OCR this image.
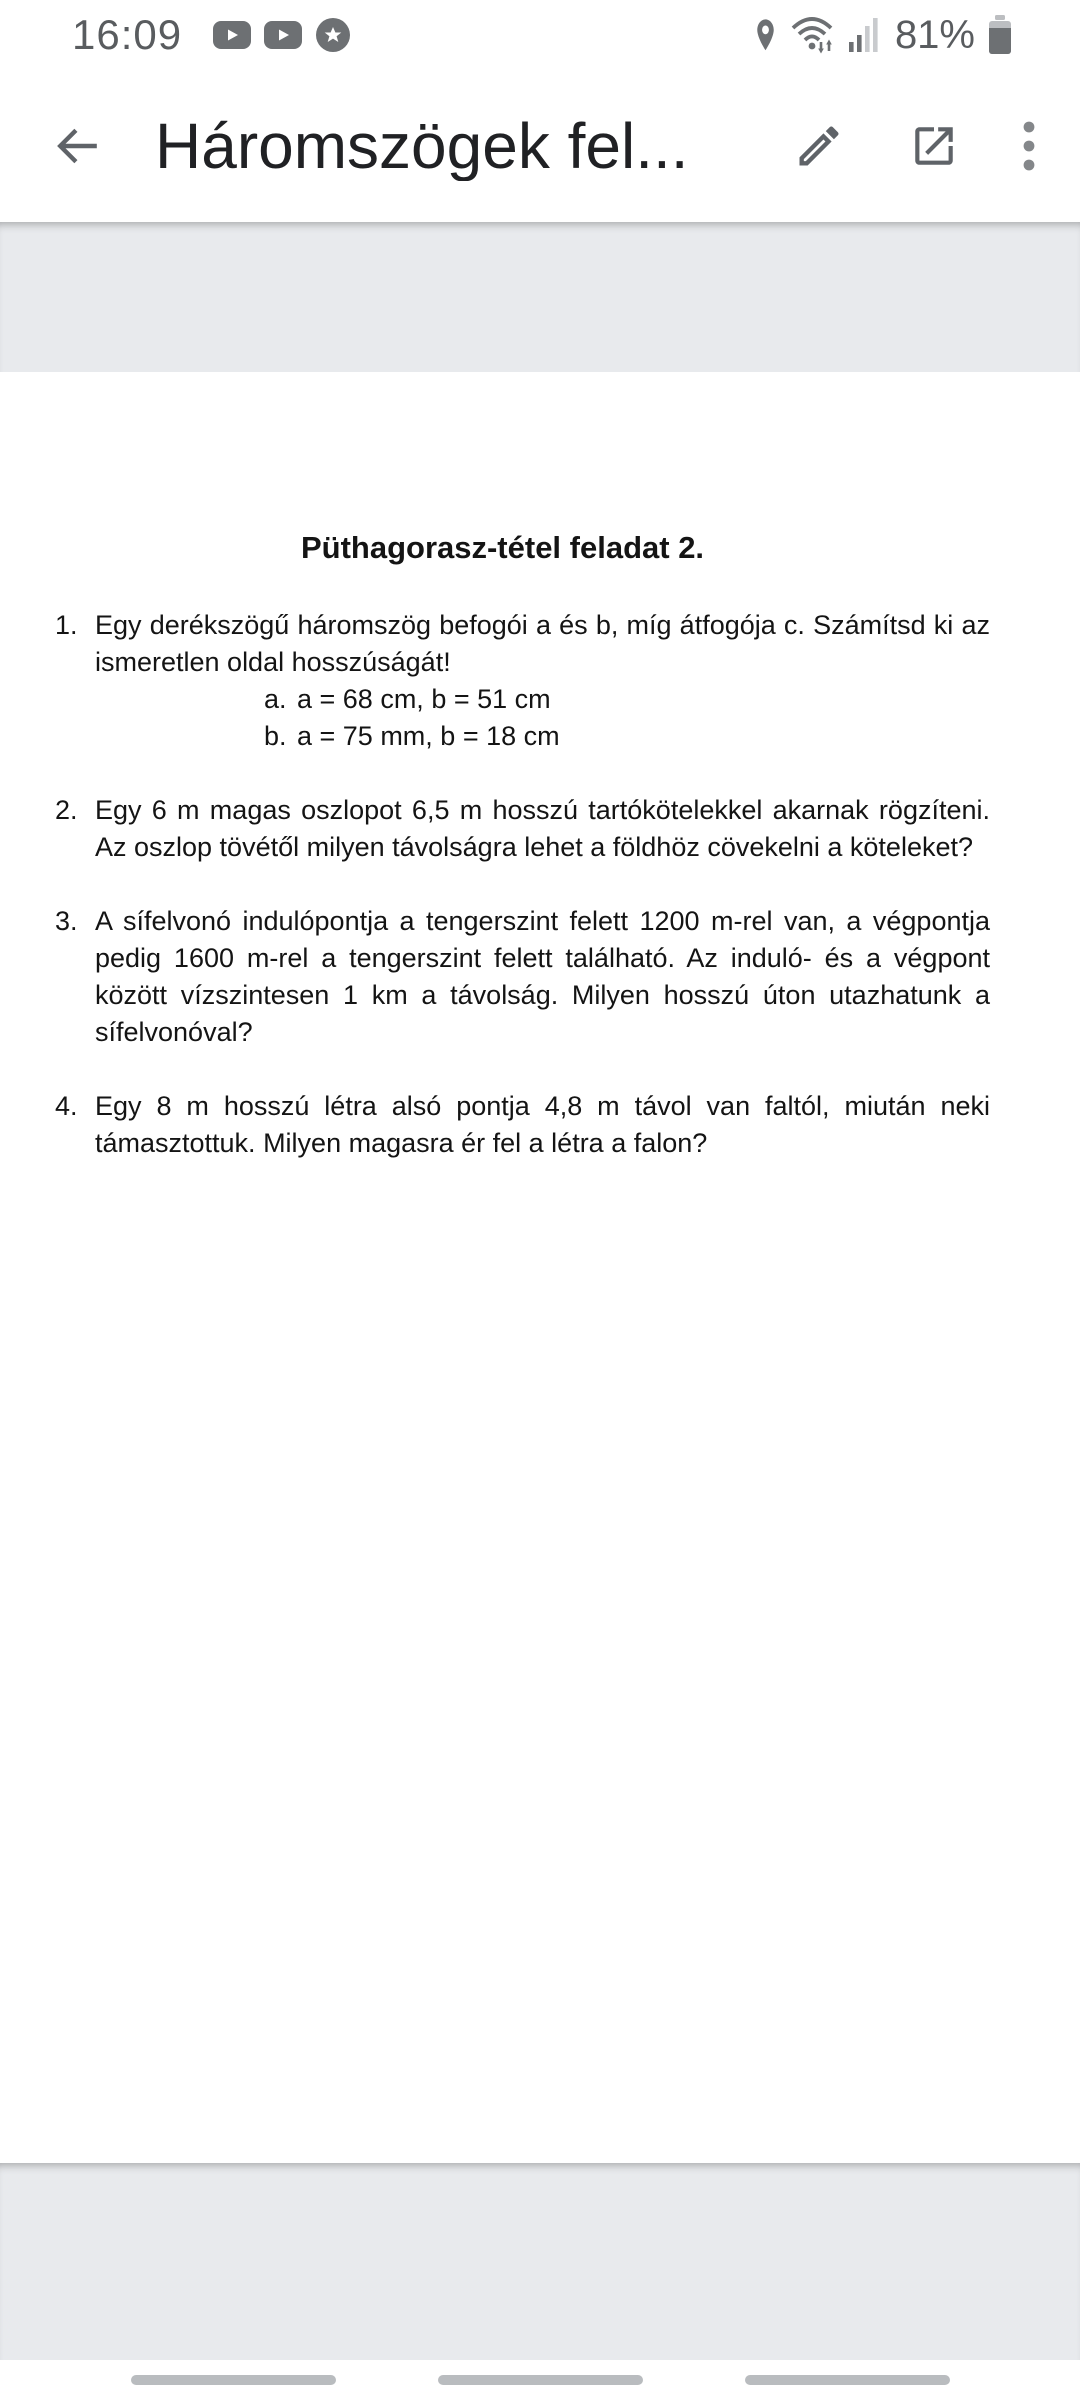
16:09	81%
Háromszögek fel...
Püthagorasz-tétel feladat 2.
1. Egy derékszögű háromszög befogói a és b, míg átfogója c. Számítsd ki az ismeretlen oldal hosszúságát!
a. a = 68 cm, b = 51 cm
b. a = 75 mm, b = 18 cm
2. Egy 6 m magas oszlopot 6,5 m hosszú tartókötelekkel akarnak rögzíteni. Az oszlop tövétől milyen távolságra lehet a földhöz cövekelni a köteleket?
3. A sífelvonó indulópontja a tengerszint felett 1200 m-rel van, a végpontja pedig 1600 m-rel a tengerszint felett található. Az induló- és a végpont között vízszintesen 1 km a távolság. Milyen hosszú úton utazhatunk a sífelvonóval?
4. Egy 8 m hosszú létra alsó pontja 4,8 m távol van faltól, miután neki támasztottuk. Milyen magasra ér fel a létra a falon?
